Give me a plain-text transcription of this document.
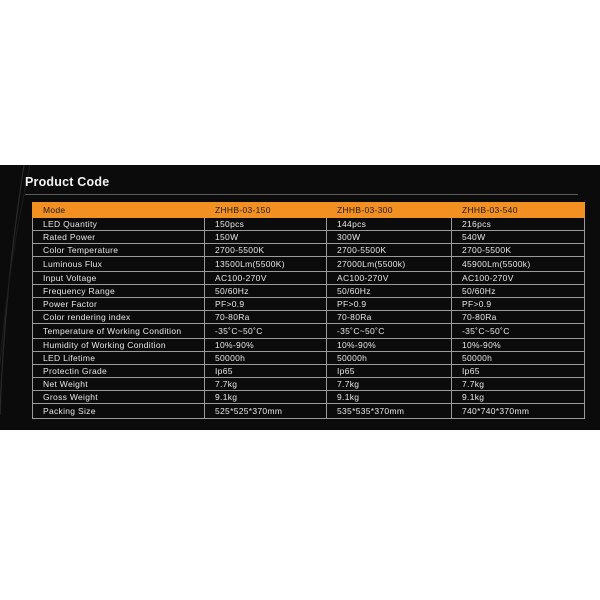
Product Code
Mode	ZHHB-03-150	ZHHB-03-300	ZHHB-03-540
LED Quantity	150pcs	144pcs	216pcs
Rated Power	150W	300W	540W
Color Temperature	2700-5500K	2700-5500K	2700-5500K
Luminous Flux	13500Lm(5500K)	27000Lm(5500k)	45900Lm(5500k)
Input Voltage	AC100-270V	AC100-270V	AC100-270V
Frequency Range	50/60Hz	50/60Hz	50/60Hz
Power Factor	PF>0.9	PF>0.9	PF>0.9
Color rendering index	70-80Ra	70-80Ra	70-80Ra
Temperature of Working Condition	-35˚C~50˚C	-35˚C~50˚C	-35˚C~50˚C
Humidity of Working Condition	10%-90%	10%-90%	10%-90%
LED Lifetime	50000h	50000h	50000h
Protectin Grade	Ip65	Ip65	Ip65
Net Weight	7.7kg	7.7kg	7.7kg
Gross Weight	9.1kg	9.1kg	9.1kg
Packing Size	525*525*370mm	535*535*370mm	740*740*370mm
